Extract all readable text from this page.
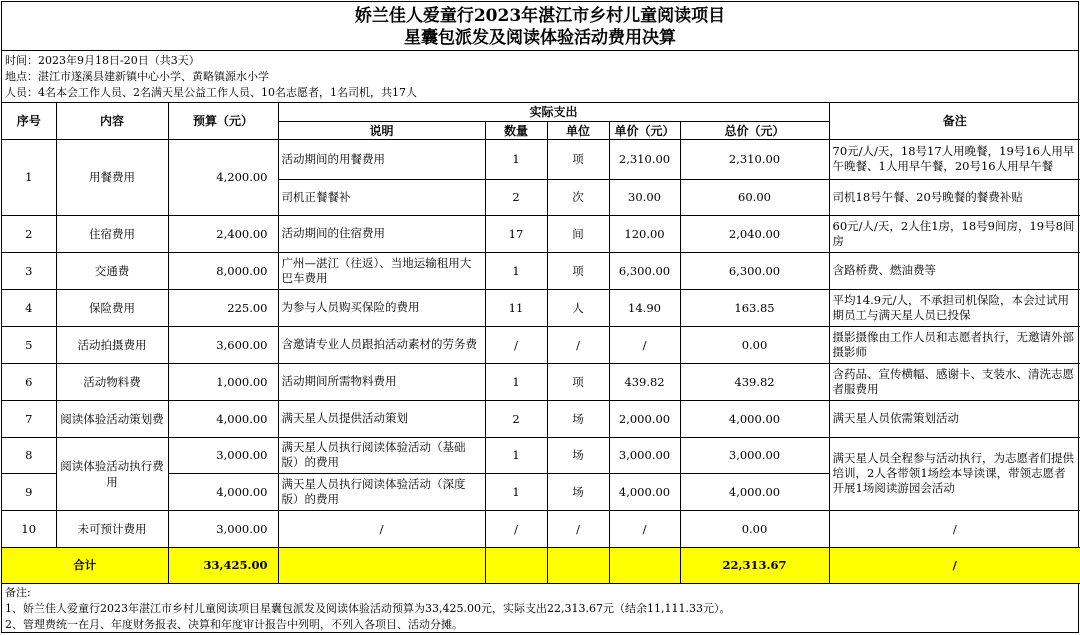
娇兰佳人爱童行2023年湛江市乡村儿童阅读项目
星囊包派发及阅读体验活动费用决算
时间：2023年9月18日-20日（共3天）
地点：湛江市遂溪县建新镇中心小学、黄略镇源水小学
人员：4名本会工作人员、2名满天星公益工作人员、10名志愿者，1名司机，共17人
序号	内容	预算（元）	实际支出					备注
			说明	数量	单位	单价（元）	总价（元）	
1	用餐费用	4,200.00	活动期间的用餐费用	1	项	2,310.00	2,310.00	70元/人/天，18号17人用晚餐，19号16人用早午晚餐、1人用早午餐，20号16人用早午餐
			司机正餐餐补	2	次	30.00	60.00	司机18号午餐、20号晚餐的餐费补贴
2	住宿费用	2,400.00	活动期间的住宿费用	17	间	120.00	2,040.00	60元/人/天，2人住1房，18号9间房，19号8间房
3	交通费	8,000.00	广州—湛江（往返）、当地运输租用大巴车费用	1	项	6,300.00	6,300.00	含路桥费、燃油费等
4	保险费用	225.00	为参与人员购买保险的费用	11	人	14.90	163.85	平均14.9元/人，不承担司机保险，本会过试用期员工与满天星人员已投保
5	活动拍摄费用	3,600.00	含邀请专业人员跟拍活动素材的劳务费	/	/	/	0.00	摄影摄像由工作人员和志愿者执行，无邀请外部摄影师
6	活动物料费	1,000.00	活动期间所需物料费用	1	项	439.82	439.82	含药品、宣传横幅、感谢卡、支装水、清洗志愿者服费用
7	阅读体验活动策划费	4,000.00	满天星人员提供活动策划	2	场	2,000.00	4,000.00	满天星人员依需策划活动
8	阅读体验活动执行费用	3,000.00	满天星人员执行阅读体验活动（基础版）的费用	1	场	3,000.00	3,000.00	满天星人员全程参与活动执行，为志愿者们提供培训，2人各带领1场绘本导读课，带领志愿者开展1场阅读游园会活动
9		4,000.00	满天星人员执行阅读体验活动（深度版）的费用	1	场	4,000.00	4,000.00	
10	未可预计费用	3,000.00	/	/	/	/	0.00	/
合计		33,425.00					22,313.67	/
备注:
1、娇兰佳人爱童行2023年湛江市乡村儿童阅读项目星囊包派发及阅读体验活动预算为33,425.00元，实际支出22,313.67元（结余11,111.33元）。
2、管理费统一在月、年度财务报表、决算和年度审计报告中列明，不列入各项目、活动分摊。
